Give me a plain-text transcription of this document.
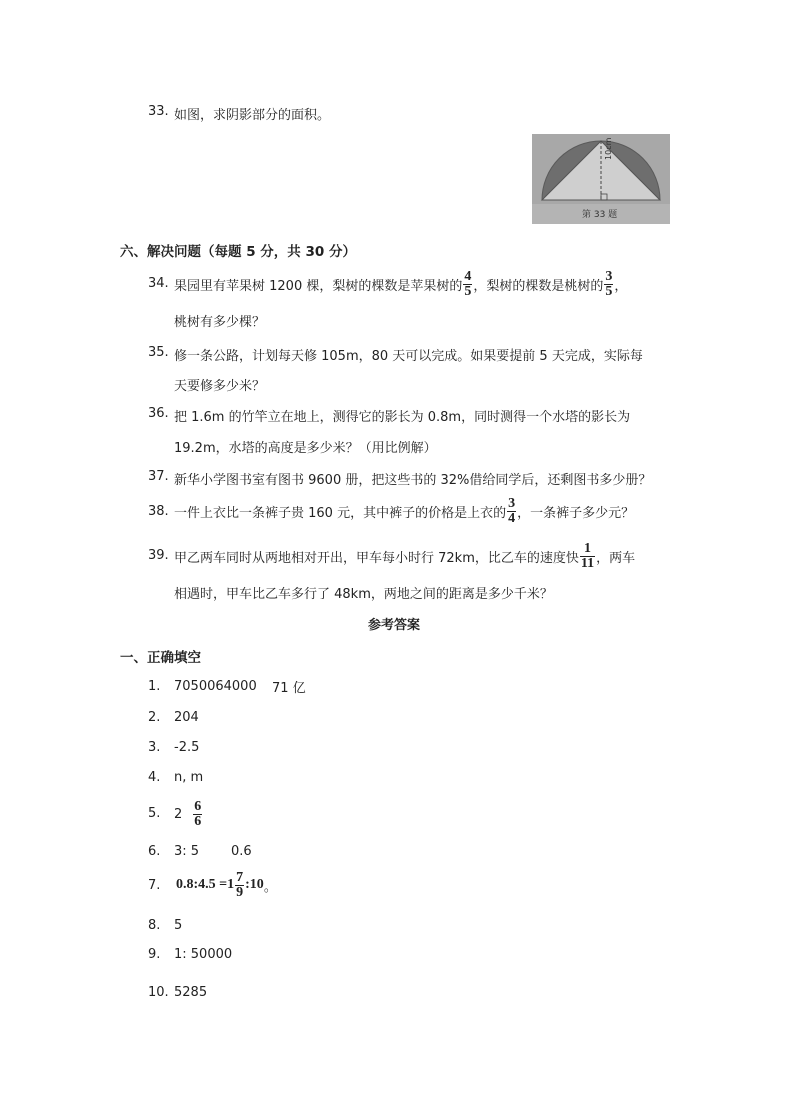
33. 如图，求阴影部分的面积。
10cm
第 33 题
六、解决问题（每题 5 分，共 30 分）
34. 果园里有苹果树 1200 棵，梨树的棵数是苹果树的 $\frac{4}{5}$ ，梨树的棵数是桃树的 $\frac{3}{5}$ ，
桃树有多少棵？
35. 修一条公路，计划每天修 105m，80 天可以完成。如果要提前 5 天完成，实际每
天要修多少米？
36. 把 1.6m 的竹竿立在地上，测得它的影长为 0.8m，同时测得一个水塔的影长为
19.2m，水塔的高度是多少米？（用比例解）
37. 新华小学图书室有图书 9600 册，把这些书的 32%借给同学后，还剩图书多少册？
38. 一件上衣比一条裤子贵 160 元，其中裤子的价格是上衣的 $\frac{3}{4}$ ，一条裤子多少元？
39. 甲乙两车同时从两地相对开出，甲车每小时行 72km，比乙车的速度快 $\frac{1}{11}$ ，两车
相遇时，甲车比乙车多行了 48km，两地之间的距离是多少千米？
参考答案
一、正确填空
1. 7050064000 71 亿
2. 204
3. -2.5
4. n, m
5. $2 \frac{6}{6}$
6. 3: 5 0.6
7. 0.8:4.5 $=1 \frac{7}{9}$ :10 。
8. 5
9. 1: 50000
10. 5285
